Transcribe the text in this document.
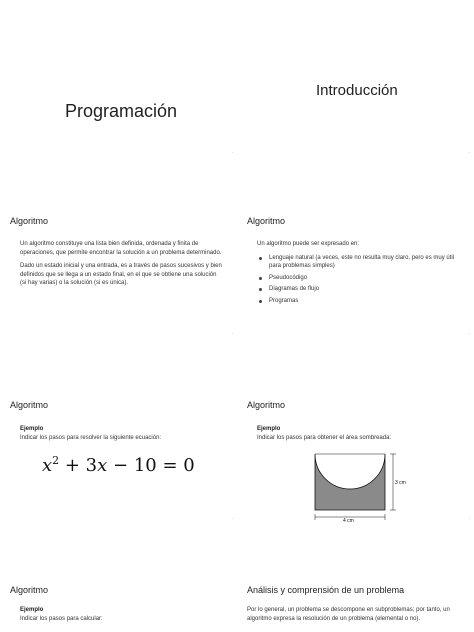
Programación
·
Introducción
·
Algoritmo

Un algoritmo constituye una lista bien definida, ordenada y finita de operaciones, que permite encontrar la solución a un problema determinado.

Dado un estado inicial y una entrada, es a través de pasos sucesivos y bien definidos que se llega a un estado final, en el que se obtiene una solución (si hay varias) o la solución (si es única).

·
Algoritmo

Un algoritmo puede ser expresado en:

Lenguaje natural (a veces, este no resulta muy claro, pero es muy útil para problemas simples)
Pseudocódigo
Diagramas de flujo
Programas
·
Algoritmo
Ejemplo
Indicar los pasos para resolver la siguiente ecuación:
$x^2 + 3x - 10 = 0$
·
Algoritmo
Ejemplo
Indicar los pasos para obtener el área sombreada:
3 cm
4 cm	·
Algoritmo
Ejemplo
Indicar los pasos para calcular:
Análisis y comprensión de un problema

Por lo general, un problema se descompone en subproblemas; por tanto, un algoritmo expresa la resolución de un problema (elemental o no).
